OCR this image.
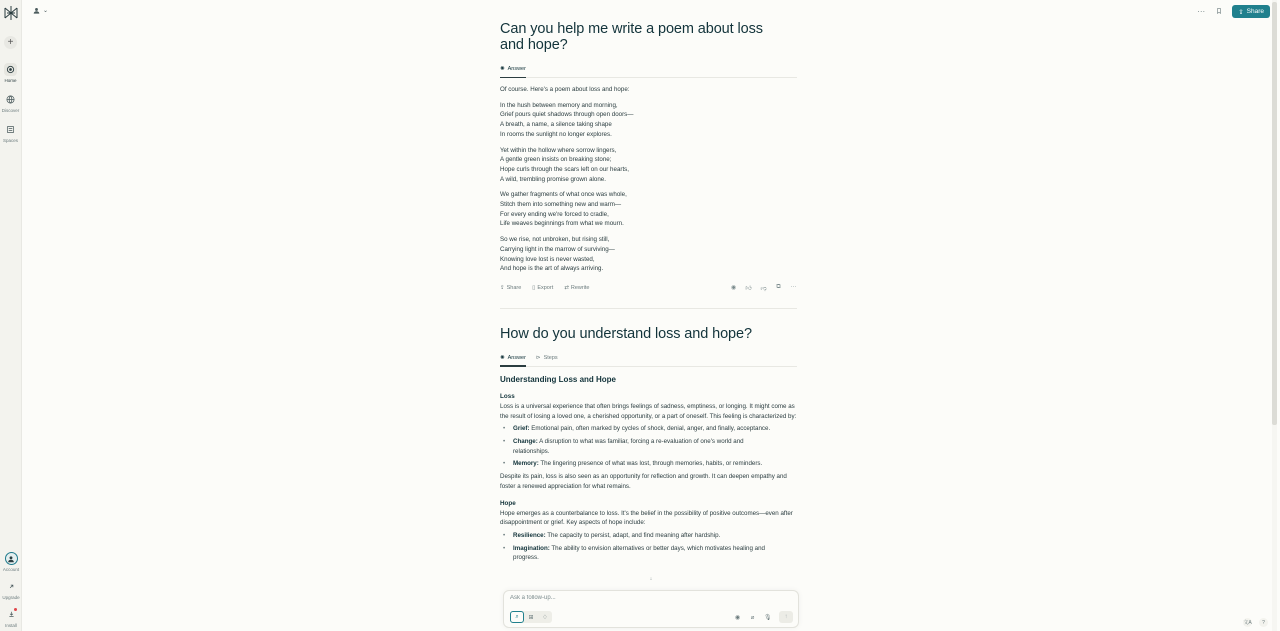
+
Home
Discover
Spaces
Account
Upgrade
Install
⌄	···	⇪ Share
Can you help me write a poem about loss and hope?
✺ Answer

Of course. Here's a poem about loss and hope:

In the hush between memory and morning,
Grief pours quiet shadows through open doors—
A breath, a name, a silence taking shape
In rooms the sunlight no longer explores.
Yet within the hollow where sorrow lingers,
A gentle green insists on breaking stone;
Hope curls through the scars left on our hearts,
A wild, trembling promise grown alone.
We gather fragments of what once was whole,
Stitch them into something new and warm—
For every ending we're forced to cradle,
Life weaves beginnings from what we mourn.
So we rise, not unbroken, but rising still,
Carrying light in the marrow of surviving—
Knowing love lost is never wasted,
And hope is the art of always arriving.
⇪ Share ▯ Export ⇄ Rewrite	◉ 👍︎ 👎︎ ⧉ ···
How do you understand loss and hope?
✺ Answer ⊳ Steps
Understanding Loss and Hope
Loss

Loss is a universal experience that often brings feelings of sadness, emptiness, or longing. It might come as the result of losing a loved one, a cherished opportunity, or a part of oneself. This feeling is characterized by:

• Grief: Emotional pain, often marked by cycles of shock, denial, anger, and finally, acceptance.
• Change: A disruption to what was familiar, forcing a re-evaluation of one's world and relationships.
• Memory: The lingering presence of what was lost, through memories, habits, or reminders.

Despite its pain, loss is also seen as an opportunity for reflection and growth. It can deepen empathy and foster a renewed appreciation for what remains.

Hope

Hope emerges as a counterbalance to loss. It's the belief in the possibility of positive outcomes—even after disappointment or grief. Key aspects of hope include:

• Resilience: The capacity to persist, adapt, and find meaning after hardship.
• Imagination: The ability to envision alternatives or better days, which motivates healing and progress.
↓
Ask a follow-up...
⌕ ⊞ ♢	◉ ⌀ 🎙︎ ↑
文A	?
